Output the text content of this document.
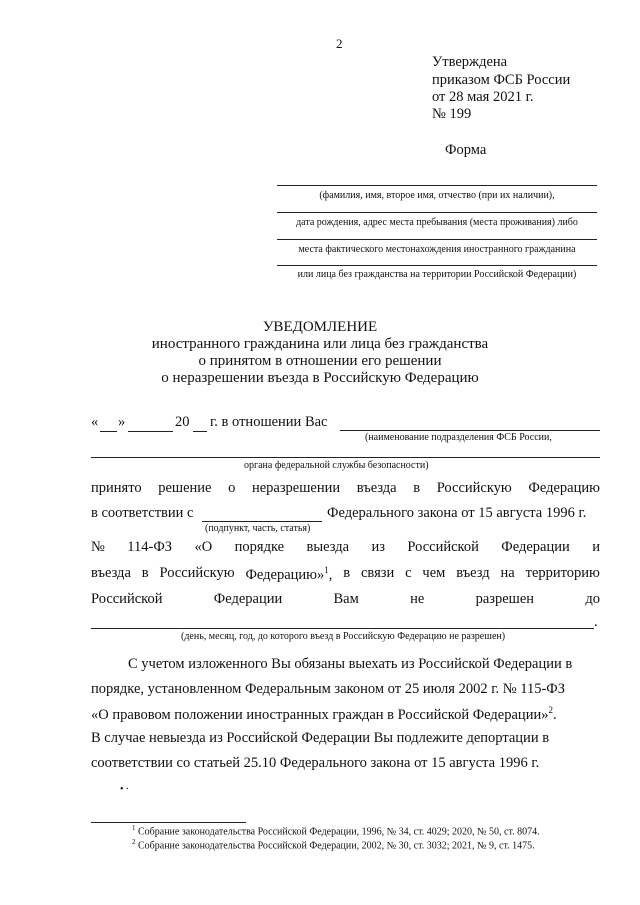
2
Утверждена
приказом ФСБ России
от 28 мая 2021 г.
№ 199
Форма
(фамилия, имя, второе имя, отчество (при их наличии),
дата рождения, адрес места пребывания (места проживания) либо
места фактического местонахождения иностранного гражданина
или лица без гражданства на территории Российской Федерации)
УВЕДОМЛЕНИЕ
иностранного гражданина или лица без гражданства
о принятом в отношении его решении
о неразрешении въезда в Российскую Федерацию
« »	20 г. в отношении Вас
(наименование подразделения ФСБ России,
органа федеральной службы безопасности)
принято решение о неразрешении въезда в Российскую Федерацию
в соответствии с	Федерального закона от 15 августа 1996 г.
(подпункт, часть, статья)
№ 114-ФЗ «О порядке выезда из Российской Федерации и
въезда в Российскую Федерацию»$^1$, в связи с чем въезд на территорию
Российской	Федерации	Вам	не	разрешен	до
.
(день, месяц, год, до которого въезд в Российскую Федерацию не разрешен)
С учетом изложенного Вы обязаны выехать из Российской Федерации в
порядке, установленном Федеральным законом от 25 июля 2002 г. № 115-ФЗ
«О правовом положении иностранных граждан в Российской Федерации»$^2$.
В случае невыезда из Российской Федерации Вы подлежите депортации в
соответствии со статьей 25.10 Федерального закона от 15 августа 1996 г.
• ⸱
$^1$ Собрание законодательства Российской Федерации, 1996, № 34, ст. 4029; 2020, № 50, ст. 8074.
$^2$ Собрание законодательства Российской Федерации, 2002, № 30, ст. 3032; 2021, № 9, ст. 1475.
